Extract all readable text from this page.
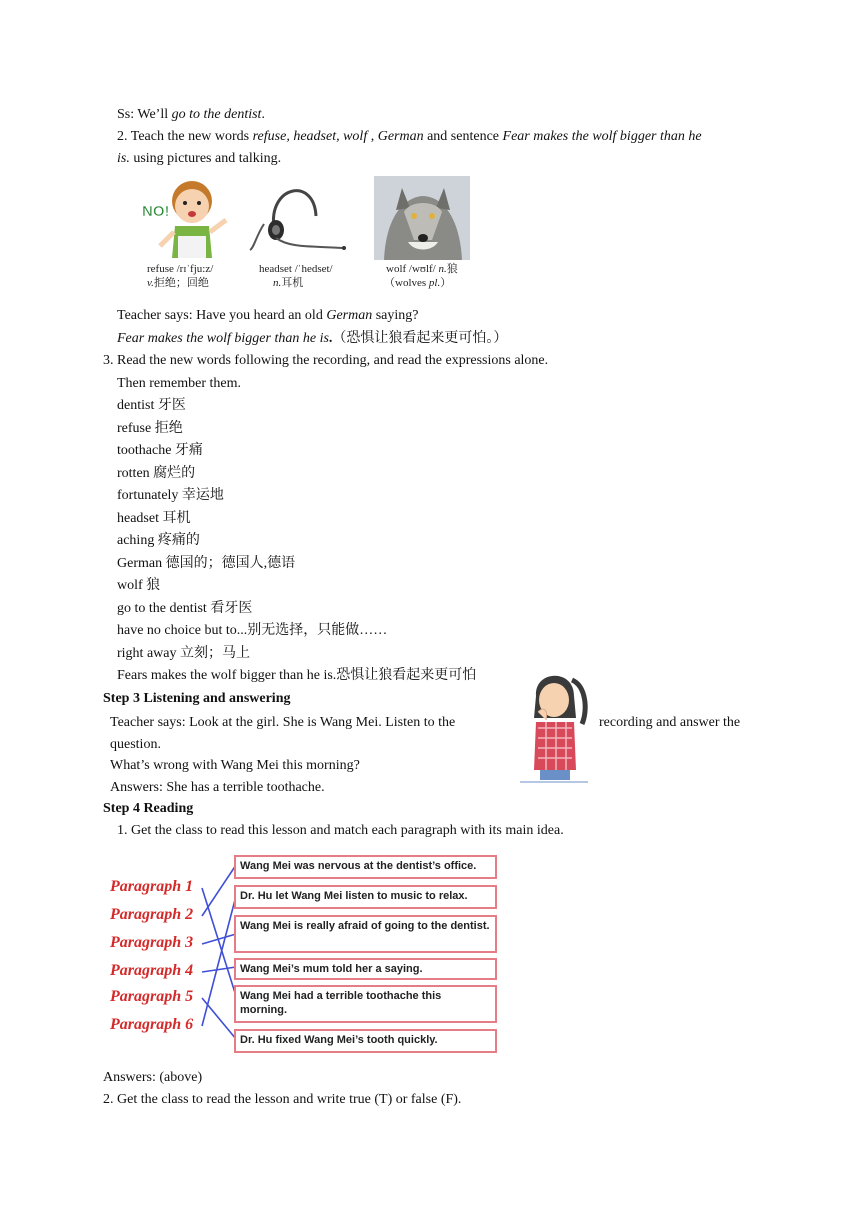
Ss: We’ll go to the dentist.
2. Teach the new words refuse, headset, wolf , German and sentence Fear makes the wolf bigger than he
is. using pictures and talking.
NO!
refuse /rɪˈfju:z/
v.拒绝；回绝
headset /ˈhedset/
n.耳机
wolf /wʊlf/ n.狼
（wolves pl.）
Teacher says: Have you heard an old German saying?
Fear makes the wolf bigger than he is.（恐惧让狼看起来更可怕。）
3. Read the new words following the recording, and read the expressions alone.
Then remember them.
dentist 牙医
refuse 拒绝
toothache 牙痛
rotten 腐烂的
fortunately 幸运地
headset 耳机
aching 疼痛的
German 德国的；德国人,德语
wolf 狼
go to the dentist 看牙医
have no choice but to...别无选择，只能做……
right away 立刻；马上
Fears makes the wolf bigger than he is.恐惧让狼看起来更可怕
Step 3 Listening and answering
Teacher says: Look at the girl. She is Wang Mei. Listen to the	recording and answer the
question.
What’s wrong with Wang Mei this morning?
Answers: She has a terrible toothache.
Step 4 Reading
1. Get the class to read this lesson and match each paragraph with its main idea.
Paragraph 1
Paragraph 2
Paragraph 3
Paragraph 4
Paragraph 5
Paragraph 6
Wang Mei was nervous at the dentist’s office.
Dr. Hu let Wang Mei listen to music to relax.
Wang Mei is really afraid of going to the dentist.
Wang Mei’s mum told her a saying.
Wang Mei had a terrible toothache this morning.
Dr. Hu fixed Wang Mei’s tooth quickly.
Answers: (above)
2. Get the class to read the lesson and write true (T) or false (F).
